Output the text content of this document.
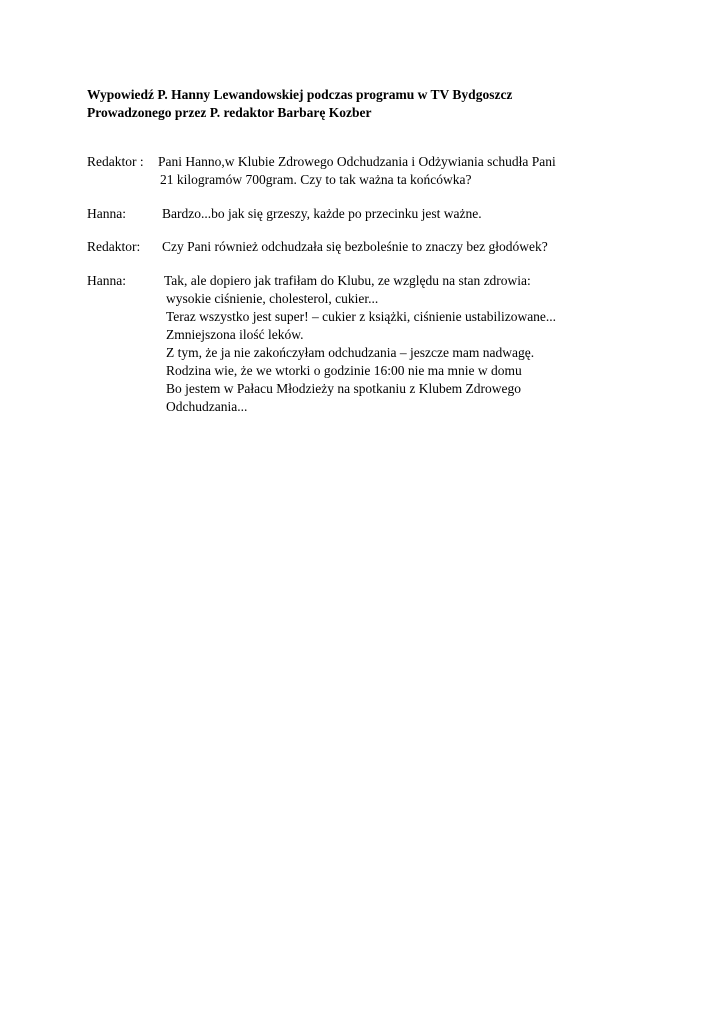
Wypowiedź P. Hanny Lewandowskiej podczas programu w TV Bydgoszcz
Prowadzonego przez P. redaktor Barbarę Kozber
Redaktor : Pani Hanno,w Klubie Zdrowego Odchudzania i Odżywiania schudła Pani
21 kilogramów 700gram. Czy to tak ważna ta końcówka?
Hanna:	Bardzo...bo jak się grzeszy, każde po przecinku jest ważne.
Redaktor: Czy Pani również odchudzała się bezboleśnie to znaczy bez głodówek?
Hanna:	Tak, ale dopiero jak trafiłam do Klubu, ze względu na stan zdrowia:
wysokie ciśnienie, cholesterol, cukier...
Teraz wszystko jest super! – cukier z książki, ciśnienie ustabilizowane...
Zmniejszona ilość leków.
Z tym, że ja nie zakończyłam odchudzania – jeszcze mam nadwagę.
Rodzina wie, że we wtorki o godzinie 16:00 nie ma mnie w domu
Bo jestem w Pałacu Młodzieży na spotkaniu z Klubem Zdrowego
Odchudzania...
